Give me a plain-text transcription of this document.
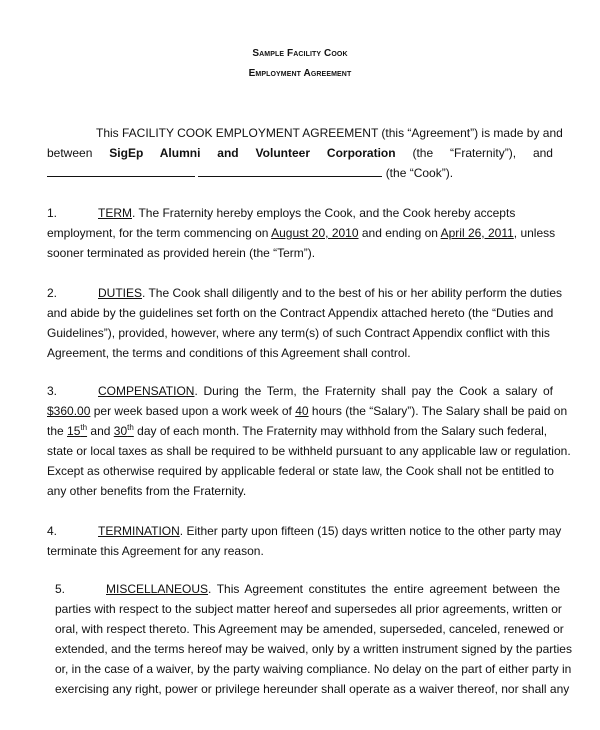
Sample Facility Cook
Employment Agreement
This FACILITY COOK EMPLOYMENT AGREEMENT (this “Agreement”) is made by and
between SigEp Alumni and Volunteer Corporation (the “Fraternity”), and
(the “Cook”).
1.	TERM. The Fraternity hereby employs the Cook, and the Cook hereby accepts
employment, for the term commencing on August 20, 2010 and ending on April 26, 2011, unless
sooner terminated as provided herein (the “Term”).
2.	DUTIES. The Cook shall diligently and to the best of his or her ability perform the duties
and abide by the guidelines set forth on the Contract Appendix attached hereto (the “Duties and
Guidelines”), provided, however, where any term(s) of such Contract Appendix conflict with this
Agreement, the terms and conditions of this Agreement shall control.
3.	COMPENSATION. During the Term, the Fraternity shall pay the Cook a salary of
$360.00 per week based upon a work week of 40 hours (the “Salary”). The Salary shall be paid on
the 15th and 30th day of each month. The Fraternity may withhold from the Salary such federal,
state or local taxes as shall be required to be withheld pursuant to any applicable law or regulation.
Except as otherwise required by applicable federal or state law, the Cook shall not be entitled to
any other benefits from the Fraternity.
4.	TERMINATION. Either party upon fifteen (15) days written notice to the other party may
terminate this Agreement for any reason.
5.	MISCELLANEOUS. This Agreement constitutes the entire agreement between the
parties with respect to the subject matter hereof and supersedes all prior agreements, written or
oral, with respect thereto. This Agreement may be amended, superseded, canceled, renewed or
extended, and the terms hereof may be waived, only by a written instrument signed by the parties
or, in the case of a waiver, by the party waiving compliance. No delay on the part of either party in
exercising any right, power or privilege hereunder shall operate as a waiver thereof, nor shall any
